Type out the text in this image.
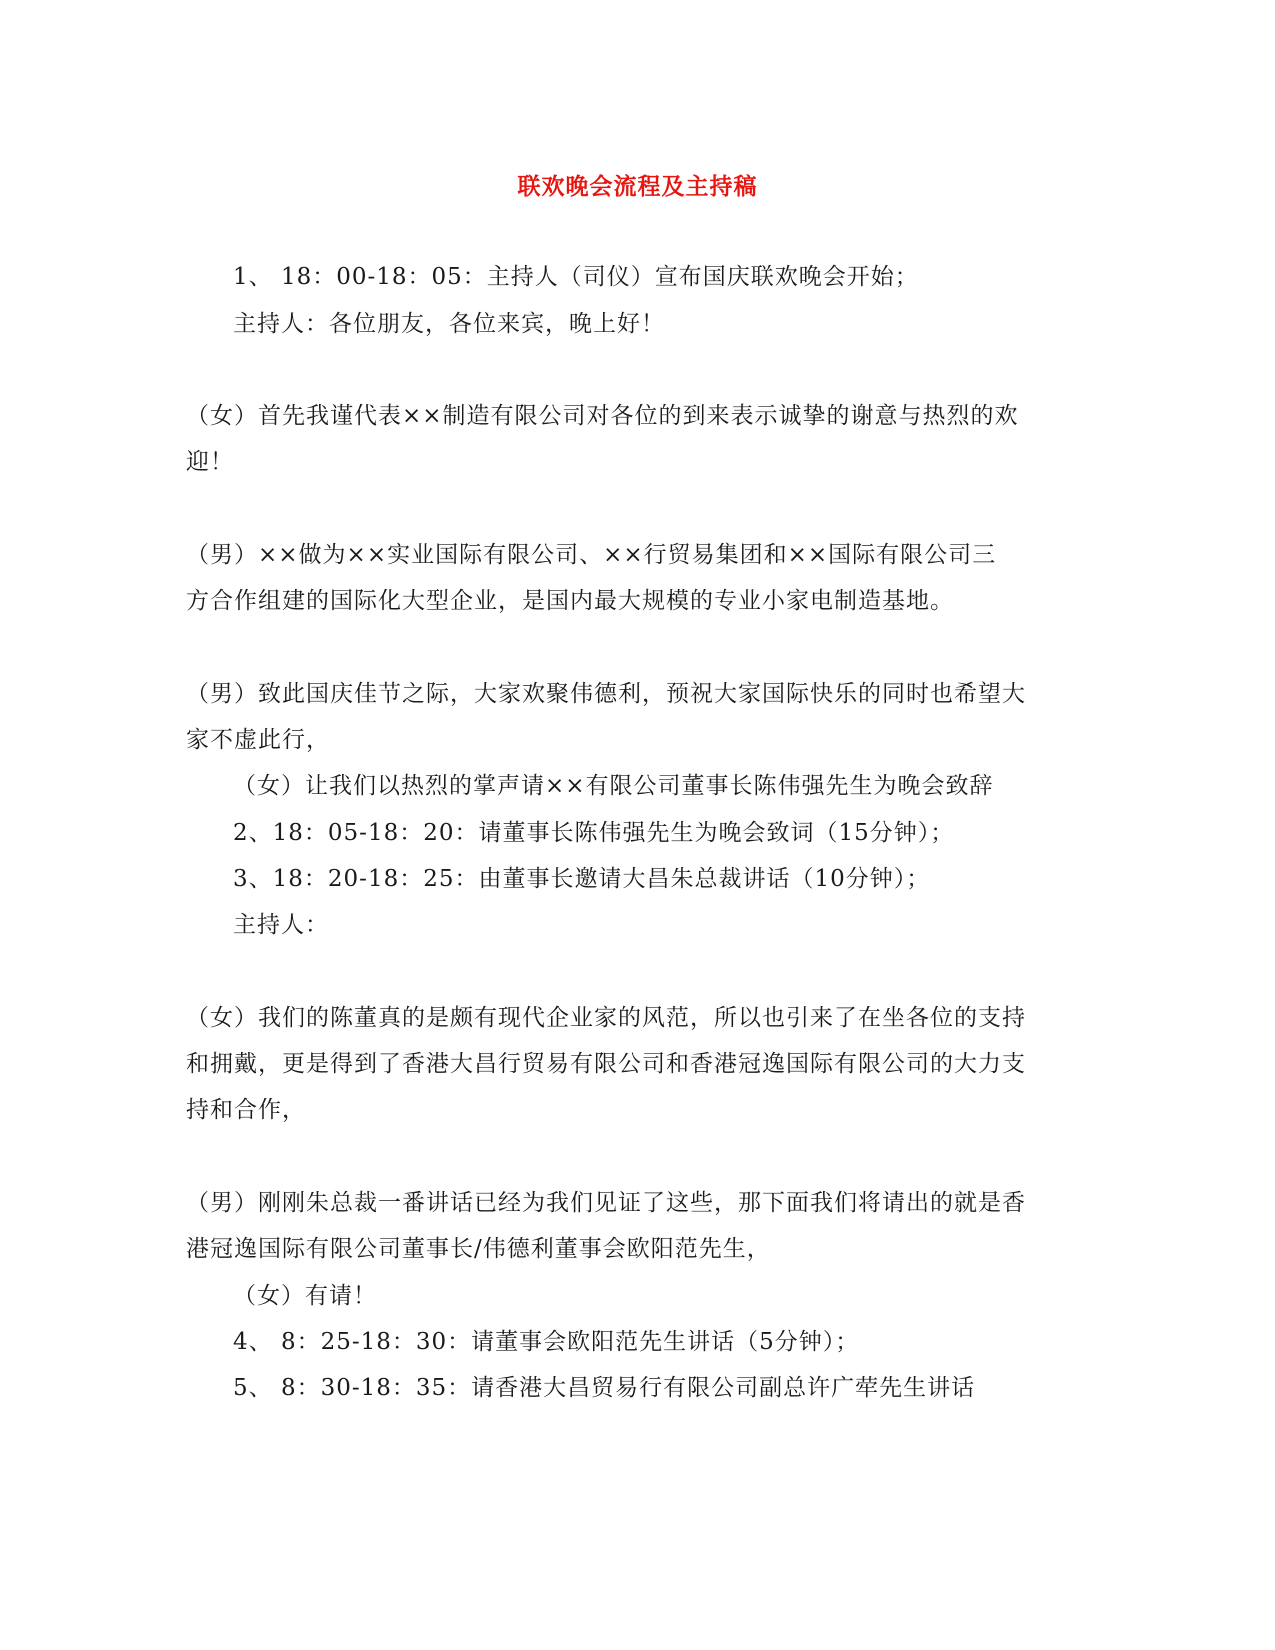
联欢晚会流程及主持稿
1、 18：00-18：05：主持人（司仪）宣布国庆联欢晚会开始；
主持人：各位朋友，各位来宾，晚上好！
（女）首先我谨代表××制造有限公司对各位的到来表示诚挚的谢意与热烈的欢
迎！
（男）××做为××实业国际有限公司、××行贸易集团和××国际有限公司三
方合作组建的国际化大型企业，是国内最大规模的专业小家电制造基地。
（男）致此国庆佳节之际，大家欢聚伟德利，预祝大家国际快乐的同时也希望大
家不虚此行，
（女）让我们以热烈的掌声请××有限公司董事长陈伟强先生为晚会致辞
2、18：05-18：20：请董事长陈伟强先生为晚会致词（15分钟）；
3、18：20-18：25：由董事长邀请大昌朱总裁讲话（10分钟）；
主持人：
（女）我们的陈董真的是颇有现代企业家的风范，所以也引来了在坐各位的支持
和拥戴，更是得到了香港大昌行贸易有限公司和香港冠逸国际有限公司的大力支
持和合作，
（男）刚刚朱总裁一番讲话已经为我们见证了这些，那下面我们将请出的就是香
港冠逸国际有限公司董事长/伟德利董事会欧阳范先生，
（女）有请！
4、 8：25-18：30：请董事会欧阳范先生讲话（5分钟）；
5、 8：30-18：35：请香港大昌贸易行有限公司副总许广荦先生讲话
